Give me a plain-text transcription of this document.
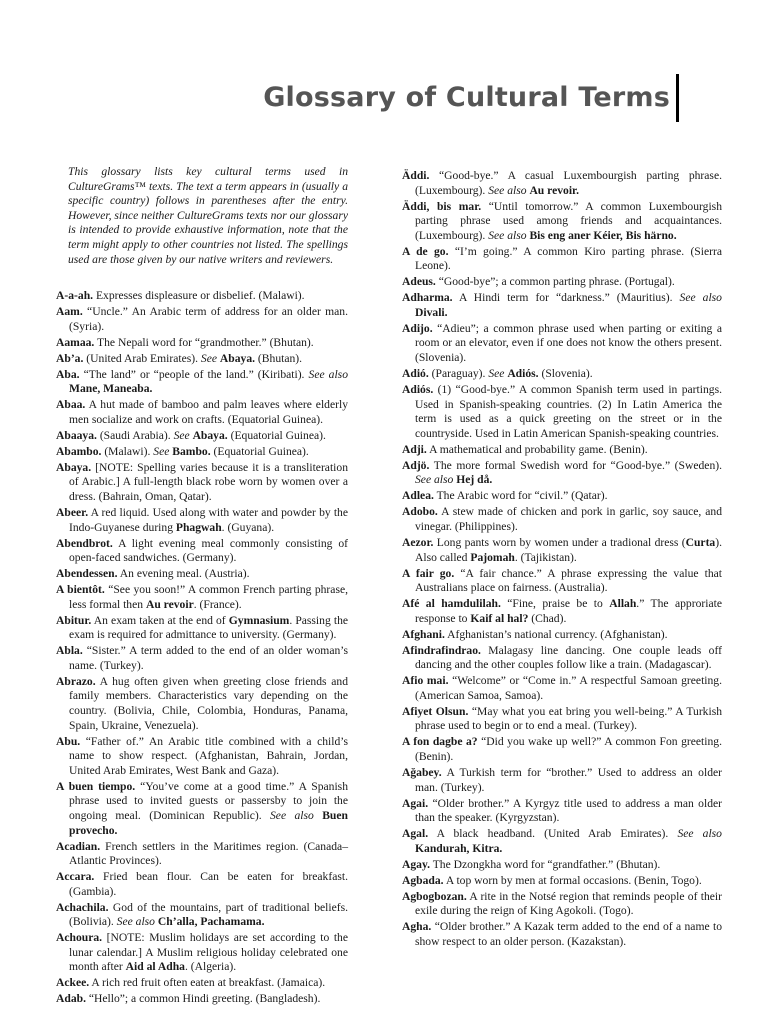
Glossary of Cultural Terms

This glossary lists key cultural terms used in CultureGrams™ texts. The text a term appears in (usually a specific country) follows in parentheses after the entry. However, since neither CultureGrams texts nor our glossary is intended to provide exhaustive information, note that the term might apply to other countries not listed. The spellings used are those given by our native writers and reviewers.

A-a-ah. Expresses displeasure or disbelief. (Malawi).
Aam. “Uncle.” An Arabic term of address for an older man. (Syria).
Aamaa. The Nepali word for “grandmother.” (Bhutan).
Ab’a. (United Arab Emirates). See Abaya. (Bhutan).
Aba. “The land” or “people of the land.” (Kiribati). See also Mane, Maneaba.
Abaa. A hut made of bamboo and palm leaves where elderly men socialize and work on crafts. (Equatorial Guinea).
Abaaya. (Saudi Arabia). See Abaya. (Equatorial Guinea).
Abambo. (Malawi). See Bambo. (Equatorial Guinea).
Abaya. [NOTE: Spelling varies because it is a transliteration of Arabic.] A full-length black robe worn by women over a dress. (Bahrain, Oman, Qatar).
Abeer. A red liquid. Used along with water and powder by the Indo-Guyanese during Phagwah. (Guyana).
Abendbrot. A light evening meal commonly consisting of open-faced sandwiches. (Germany).
Abendessen. An evening meal. (Austria).
A bientôt. “See you soon!” A common French parting phrase, less formal then Au revoir. (France).
Abitur. An exam taken at the end of Gymnasium. Passing the exam is required for admittance to university. (Germany).
Abla. “Sister.” A term added to the end of an older woman’s name. (Turkey).
Abrazo. A hug often given when greeting close friends and family members. Characteristics vary depending on the country. (Bolivia, Chile, Colombia, Honduras, Panama, Spain, Ukraine, Venezuela).
Abu. “Father of.” An Arabic title combined with a child’s name to show respect. (Afghanistan, Bahrain, Jordan, United Arab Emirates, West Bank and Gaza).
A buen tiempo. “You’ve come at a good time.” A Spanish phrase used to invited guests or passersby to join the ongoing meal. (Dominican Republic). See also Buen provecho.
Acadian. French settlers in the Maritimes region. (Canada–Atlantic Provinces).
Accara. Fried bean flour. Can be eaten for breakfast. (Gambia).
Achachila. God of the mountains, part of traditional beliefs. (Bolivia). See also Ch’alla, Pachamama.
Achoura. [NOTE: Muslim holidays are set according to the lunar calendar.] A Muslim religious holiday celebrated one month after Aid al Adha. (Algeria).
Ackee. A rich red fruit often eaten at breakfast. (Jamaica).
Adab. “Hello”; a common Hindi greeting. (Bangladesh).
Äddi. “Good-bye.” A casual Luxembourgish parting phrase. (Luxembourg). See also Au revoir.
Äddi, bis mar. “Until tomorrow.” A common Luxembourgish parting phrase used among friends and acquaintances. (Luxembourg). See also Bis eng aner Kéier, Bis härno.
A de go. “I’m going.” A common Kiro parting phrase. (Sierra Leone).
Adeus. “Good-bye”; a common parting phrase. (Portugal).
Adharma. A Hindi term for “darkness.” (Mauritius). See also Divali.
Adijo. “Adieu”; a common phrase used when parting or exiting a room or an elevator, even if one does not know the others present. (Slovenia).
Adió. (Paraguay). See Adiós. (Slovenia).
Adiós. (1) “Good-bye.” A common Spanish term used in partings. Used in Spanish-speaking countries. (2) In Latin America the term is used as a quick greeting on the street or in the countryside. Used in Latin American Spanish-speaking countries.
Adji. A mathematical and probability game. (Benin).
Adjö. The more formal Swedish word for “Good-bye.” (Sweden). See also Hej då.
Adlea. The Arabic word for “civil.” (Qatar).
Adobo. A stew made of chicken and pork in garlic, soy sauce, and vinegar. (Philippines).
Aezor. Long pants worn by women under a tradional dress (Curta). Also called Pajomah. (Tajikistan).
A fair go. “A fair chance.” A phrase expressing the value that Australians place on fairness. (Australia).
Afé al hamdulilah. “Fine, praise be to Allah.” The approriate response to Kaif al hal? (Chad).
Afghani. Afghanistan’s national currency. (Afghanistan).
Afindrafindrao. Malagasy line dancing. One couple leads off dancing and the other couples follow like a train. (Madagascar).
Afio mai. “Welcome” or “Come in.” A respectful Samoan greeting. (American Samoa, Samoa).
Afiyet Olsun. “May what you eat bring you well-being.” A Turkish phrase used to begin or to end a meal. (Turkey).
A fon dagbe a? “Did you wake up well?” A common Fon greeting. (Benin).
Ağabey. A Turkish term for “brother.” Used to address an older man. (Turkey).
Agai. “Older brother.” A Kyrgyz title used to address a man older than the speaker. (Kyrgyzstan).
Agal. A black headband. (United Arab Emirates). See also Kandurah, Kitra.
Agay. The Dzongkha word for “grandfather.” (Bhutan).
Agbada. A top worn by men at formal occasions. (Benin, Togo).
Agbogbozan. A rite in the Notsé region that reminds people of their exile during the reign of King Agokoli. (Togo).
Agha. “Older brother.” A Kazak term added to the end of a name to show respect to an older person. (Kazakstan).
